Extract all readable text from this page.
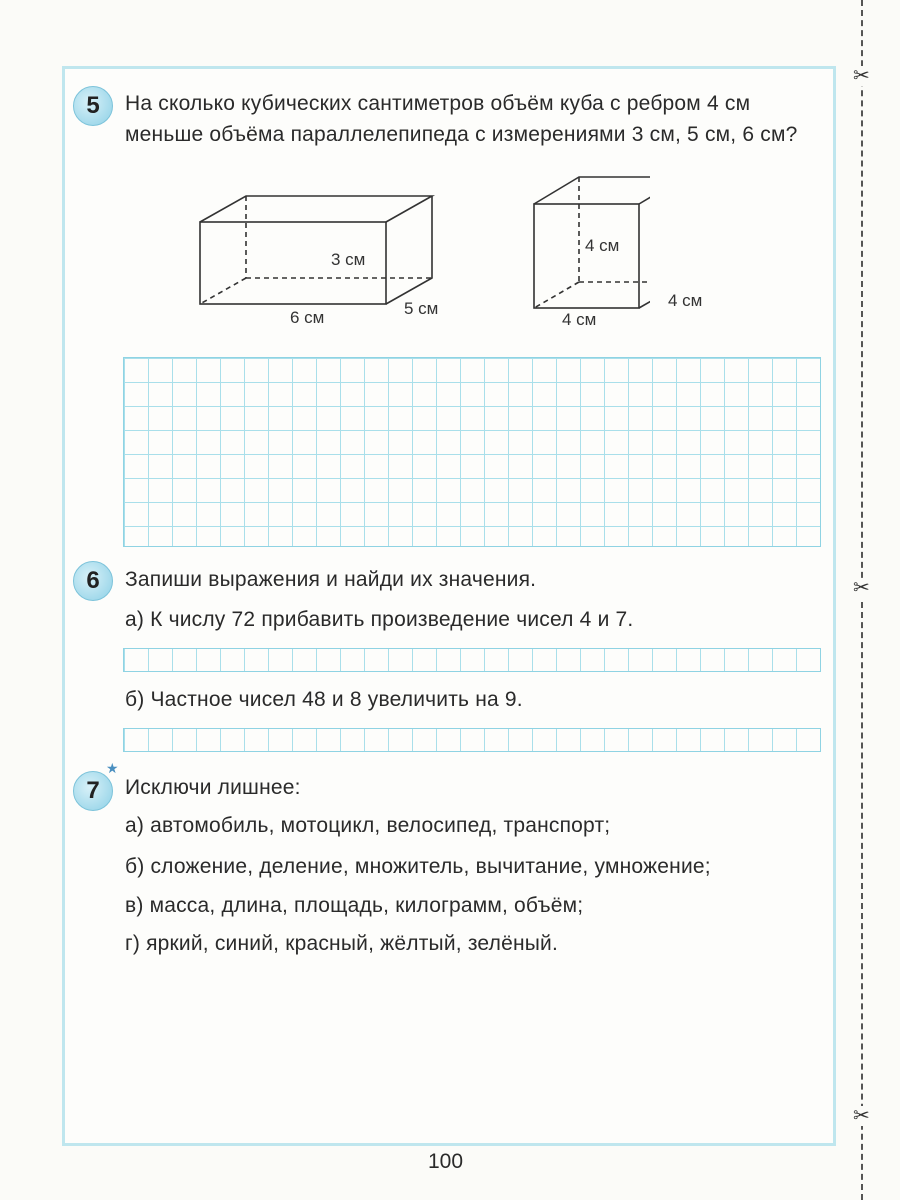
✂
✂
✂
5	На сколько кубических сантиметров объём куба с ребром 4 см меньше объёма параллелепипеда с измерениями 3 см, 5 см, 6 см?
3 см
6 см	5 см
4 см
4 см
4 см
6	Запиши выражения и найди их значения.
а) К числу 72 прибавить произведение чисел 4 и 7.
б) Частное чисел 48 и 8 увеличить на 9.
★
7	Исключи лишнее:
а) автомобиль, мотоцикл, велосипед, транспорт;
б) сложение, деление, множитель, вычитание, умножение;
в) масса, длина, площадь, килограмм, объём;
г) яркий, синий, красный, жёлтый, зелёный.
100
